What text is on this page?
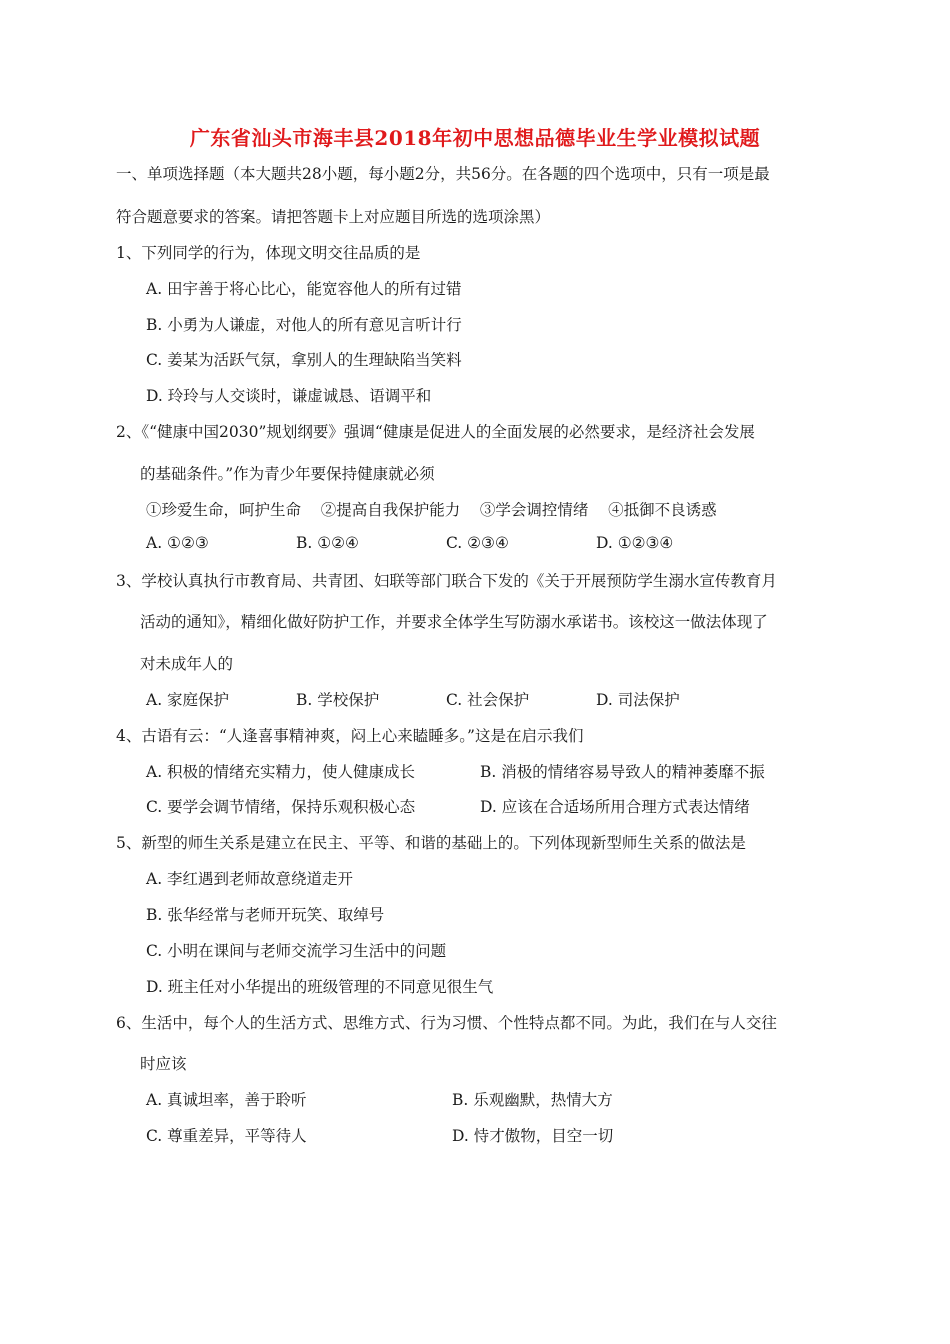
广东省汕头市海丰县2018年初中思想品德毕业生学业模拟试题
一、单项选择题（本大题共28小题，每小题2分，共56分。在各题的四个选项中，只有一项是最
符合题意要求的答案。请把答题卡上对应题目所选的选项涂黑）
1、下列同学的行为，体现文明交往品质的是
A. 田宇善于将心比心，能宽容他人的所有过错
B. 小勇为人谦虚，对他人的所有意见言听计行
C. 姜某为活跃气氛，拿别人的生理缺陷当笑料
D. 玲玲与人交谈时，谦虚诚恳、语调平和
2、《“健康中国2030”规划纲要》强调“健康是促进人的全面发展的必然要求，是经济社会发展
的基础条件。”作为青少年要保持健康就必须
①珍爱生命，呵护生命    ②提高自我保护能力    ③学会调控情绪    ④抵御不良诱惑
A. ①②③	B. ①②④	C. ②③④	D. ①②③④
3、学校认真执行市教育局、共青团、妇联等部门联合下发的《关于开展预防学生溺水宣传教育月
活动的通知》，精细化做好防护工作，并要求全体学生写防溺水承诺书。该校这一做法体现了
对未成年人的
A. 家庭保护	B. 学校保护	C. 社会保护	D. 司法保护
4、古语有云：“人逢喜事精神爽，闷上心来瞌睡多。”这是在启示我们
A. 积极的情绪充实精力，使人健康成长	B. 消极的情绪容易导致人的精神萎靡不振
C. 要学会调节情绪，保持乐观积极心态	D. 应该在合适场所用合理方式表达情绪
5、新型的师生关系是建立在民主、平等、和谐的基础上的。下列体现新型师生关系的做法是
A. 李红遇到老师故意绕道走开
B. 张华经常与老师开玩笑、取绰号
C. 小明在课间与老师交流学习生活中的问题
D. 班主任对小华提出的班级管理的不同意见很生气
6、生活中，每个人的生活方式、思维方式、行为习惯、个性特点都不同。为此，我们在与人交往
时应该
A. 真诚坦率，善于聆听	B. 乐观幽默，热情大方
C. 尊重差异，平等待人	D. 恃才傲物，目空一切
